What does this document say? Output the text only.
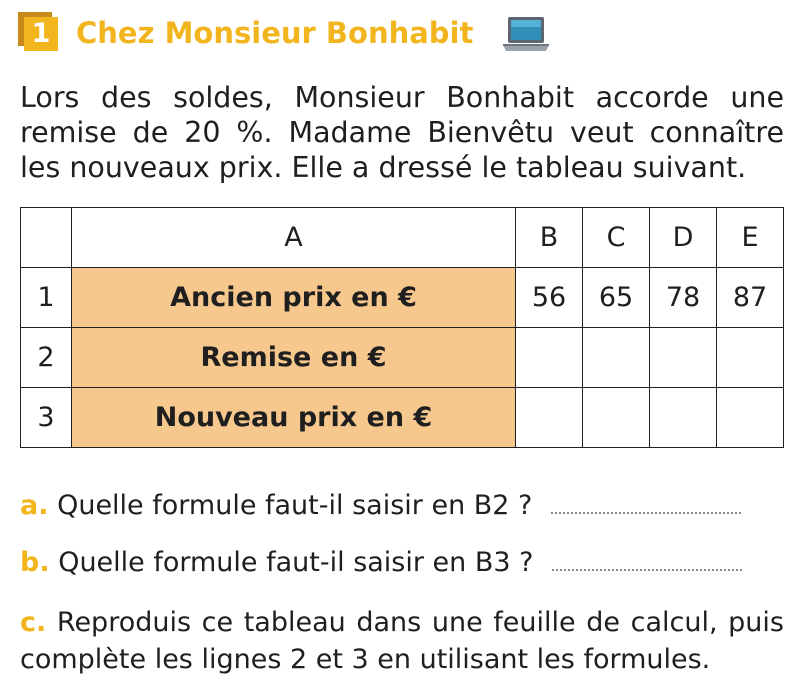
1 Chez Monsieur Bonhabit

Lors des soldes, Monsieur Bonhabit accorde une remise de 20 %. Madame Bienvêtu veut connaître les nouveaux prix. Elle a dressé le tableau suivant.

	A	B	C	D	E
1	Ancien prix en €	56	65	78	87
2	Remise en €				
3	Nouveau prix en €				
a. Quelle formule faut-il saisir en B2 ?
b. Quelle formule faut-il saisir en B3 ?
c. Reproduis ce tableau dans une feuille de calcul, puis complète les lignes 2 et 3 en utilisant les formules.
